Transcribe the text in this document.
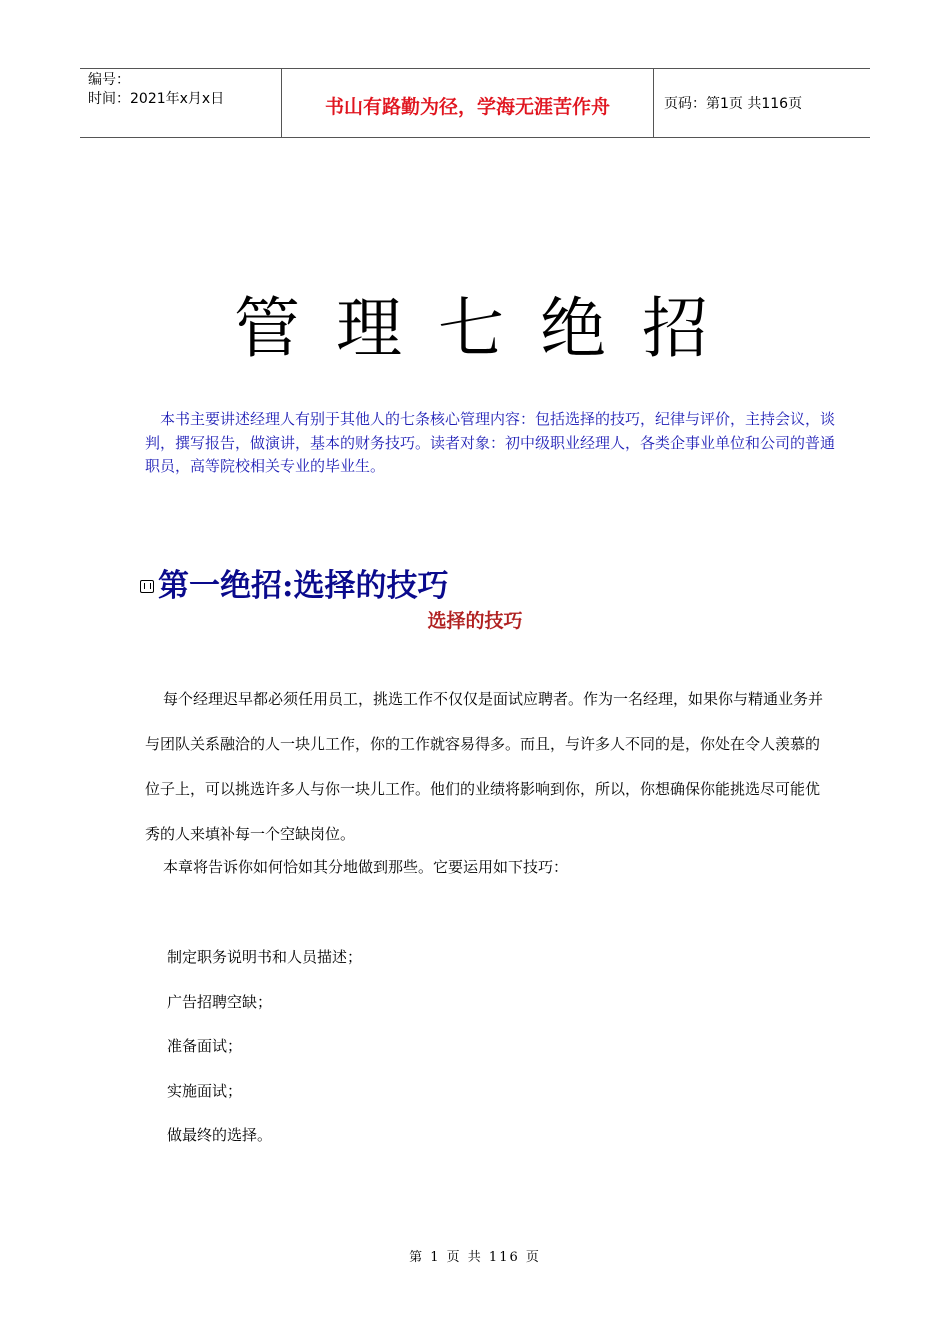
编号：
时间：2021年x月x日	书山有路勤为径，学海无涯苦作舟	页码：第1页 共116页
管理七绝招

本书主要讲述经理人有别于其他人的七条核心管理内容：包括选择的技巧，纪律与评价，主持会议，谈判，撰写报告，做演讲，基本的财务技巧。读者对象：初中级职业经理人，各类企事业单位和公司的普通职员，高等院校相关专业的毕业生。

第一绝招:选择的技巧
选择的技巧

每个经理迟早都必须任用员工，挑选工作不仅仅是面试应聘者。作为一名经理，如果你与精通业务并与团队关系融洽的人一块儿工作，你的工作就容易得多。而且，与许多人不同的是，你处在令人羡慕的位子上，可以挑选许多人与你一块儿工作。他们的业绩将影响到你，所以，你想确保你能挑选尽可能优秀的人来填补每一个空缺岗位。

本章将告诉你如何恰如其分地做到那些。它要运用如下技巧：

制定职务说明书和人员描述；
广告招聘空缺；
准备面试；
实施面试；
做最终的选择。
第 1 页 共 116 页
